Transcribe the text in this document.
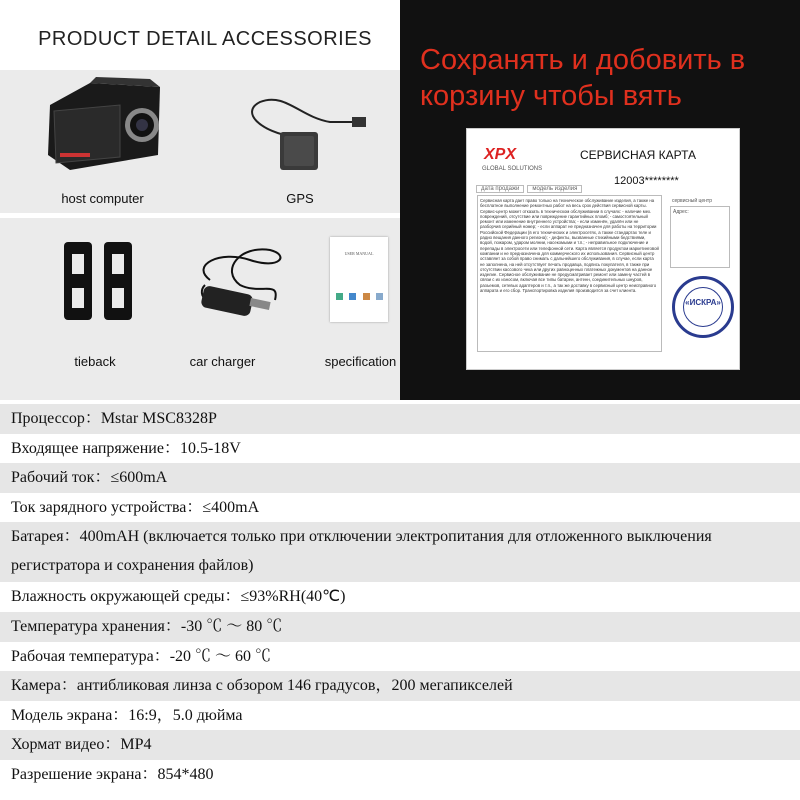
PRODUCT DETAIL ACCESSORIES
host computer	GPS
tieback	car charger
USER MANUAL

specification
Сохранять и добовить в корзину чтобы вять
XPX
GLOBAL SOLUTIONS
СЕРВИСНАЯ КАРТА
12003********
дата продажи модель изделия
Сервисная карта дает право только на техническое обслуживание изделия, а также на бесплатное выполнение ремонтных работ на весь срок действия сервисной карты. Сервис-центр может отказать в техническом обслуживании в случаях: - наличие мех. повреждений, отсутствие или повреждение гарантийных пломб; - самостоятельный ремонт или изменение внутреннего устройства; - если изменён, удалён или не разборчив серийный номер; - если аппарат не предназначен для работы на территории Российской Федерации (в его технических и электросетях, а также стандартах теле и радио вещания данного региона); - дефекты, вызванные стихийными бедствиями, водой, пожаром, ударом молнии, насекомыми и т.п.; - неправильное подключение и перепады в электросети или телефонной сети. Карта является продуктом маркетинговой компании и не предназначена для коммерческого их использования. Сервисный центр оставляет за собой право снимать с дальнейшего обслуживания, в случае, если карта не заполнена, на ней отсутствует печать продавца, подпись покупателя, в также при отсутствии кассового чека или других равноценных платежных документов на данное изделие. Сервисное обслуживание не предусматривает ремонт или замену частей в связи с их износом, включая все типы батареи, антенн, соединительных шнуров, разъемов, сетевых адаптеров и т.п., а так же доставку в сервисный центр неисправного аппарата и его сбор. Транспортировка изделия производится за счет клиента.
сервисный центр
Адрес:
«ИСКРА»
Процессор：Mstar MSC8328P
Входящее напряжение：10.5-18V
Рабочий ток：≤600mA
Ток зарядного устройства：≤400mA
Батарея：400mAH (включается только при отключении электропитания для отложенного выключения регистратора и сохранения файлов)
Влажность окружающей среды：≤93%RH(40℃)
Температура хранения：-30 ℃ ～ 80 ℃
Рабочая температура：-20 ℃ ～ 60 ℃
Камера：антибликовая линза с обзором 146 градусов，200 мегапикселей
Модель экрана：16:9，5.0 дюйма
Хормат видео：MP4
Разрешение экрана：854*480
